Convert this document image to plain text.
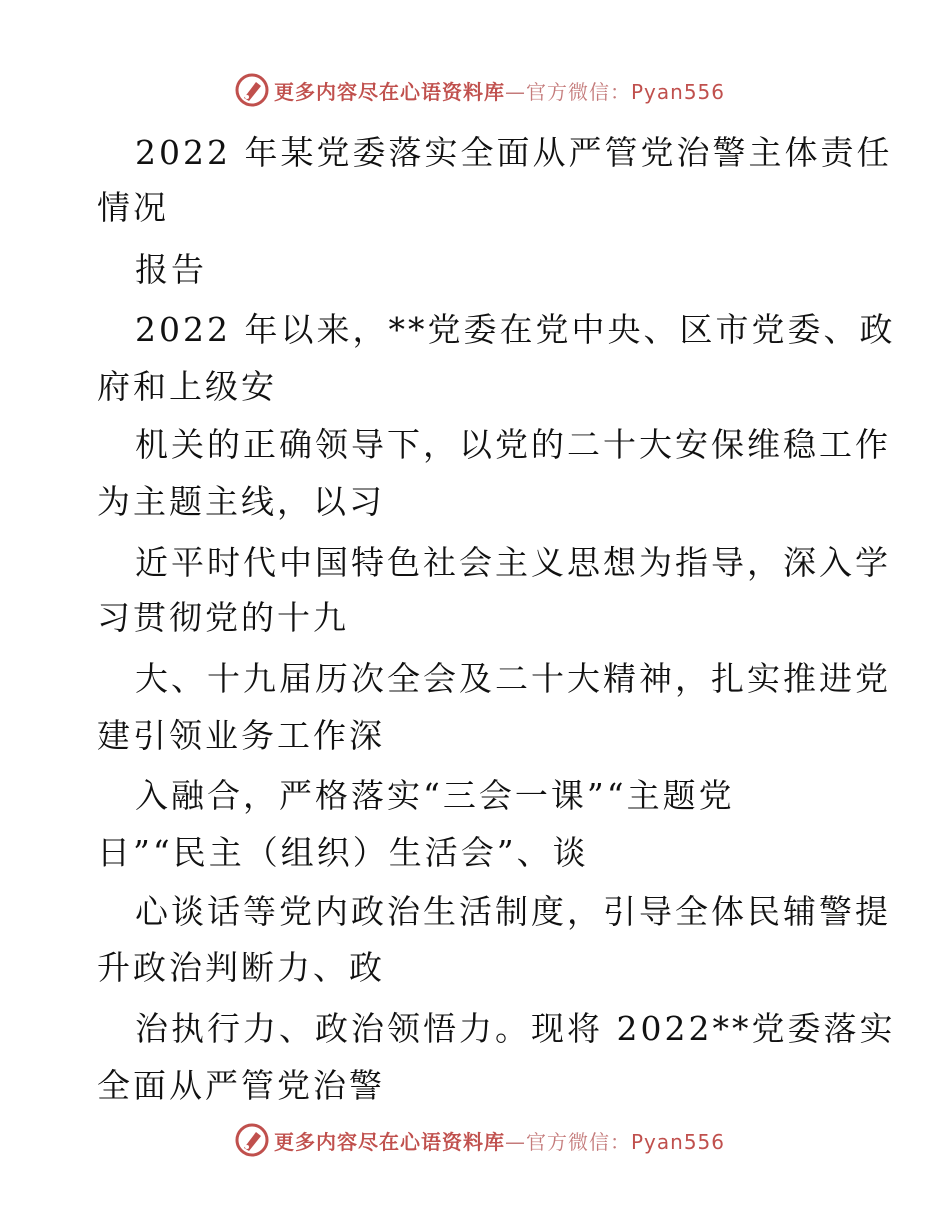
更多内容尽在心语资料库—官方微信：Pyan556
2022 年某党委落实全面从严管党治警主体责任
情况
报告
2022 年以来，**党委在党中央、区市党委、政
府和上级安
机关的正确领导下，以党的二十大安保维稳工作
为主题主线，以习
近平时代中国特色社会主义思想为指导，深入学
习贯彻党的十九
大、十九届历次全会及二十大精神，扎实推进党
建引领业务工作深
入融合，严格落实“三会一课”“主题党
日”“民主（组织）生活会”、谈
心谈话等党内政治生活制度，引导全体民辅警提
升政治判断力、政
治执行力、政治领悟力。现将 2022**党委落实
全面从严管党治警
更多内容尽在心语资料库—官方微信：Pyan556
